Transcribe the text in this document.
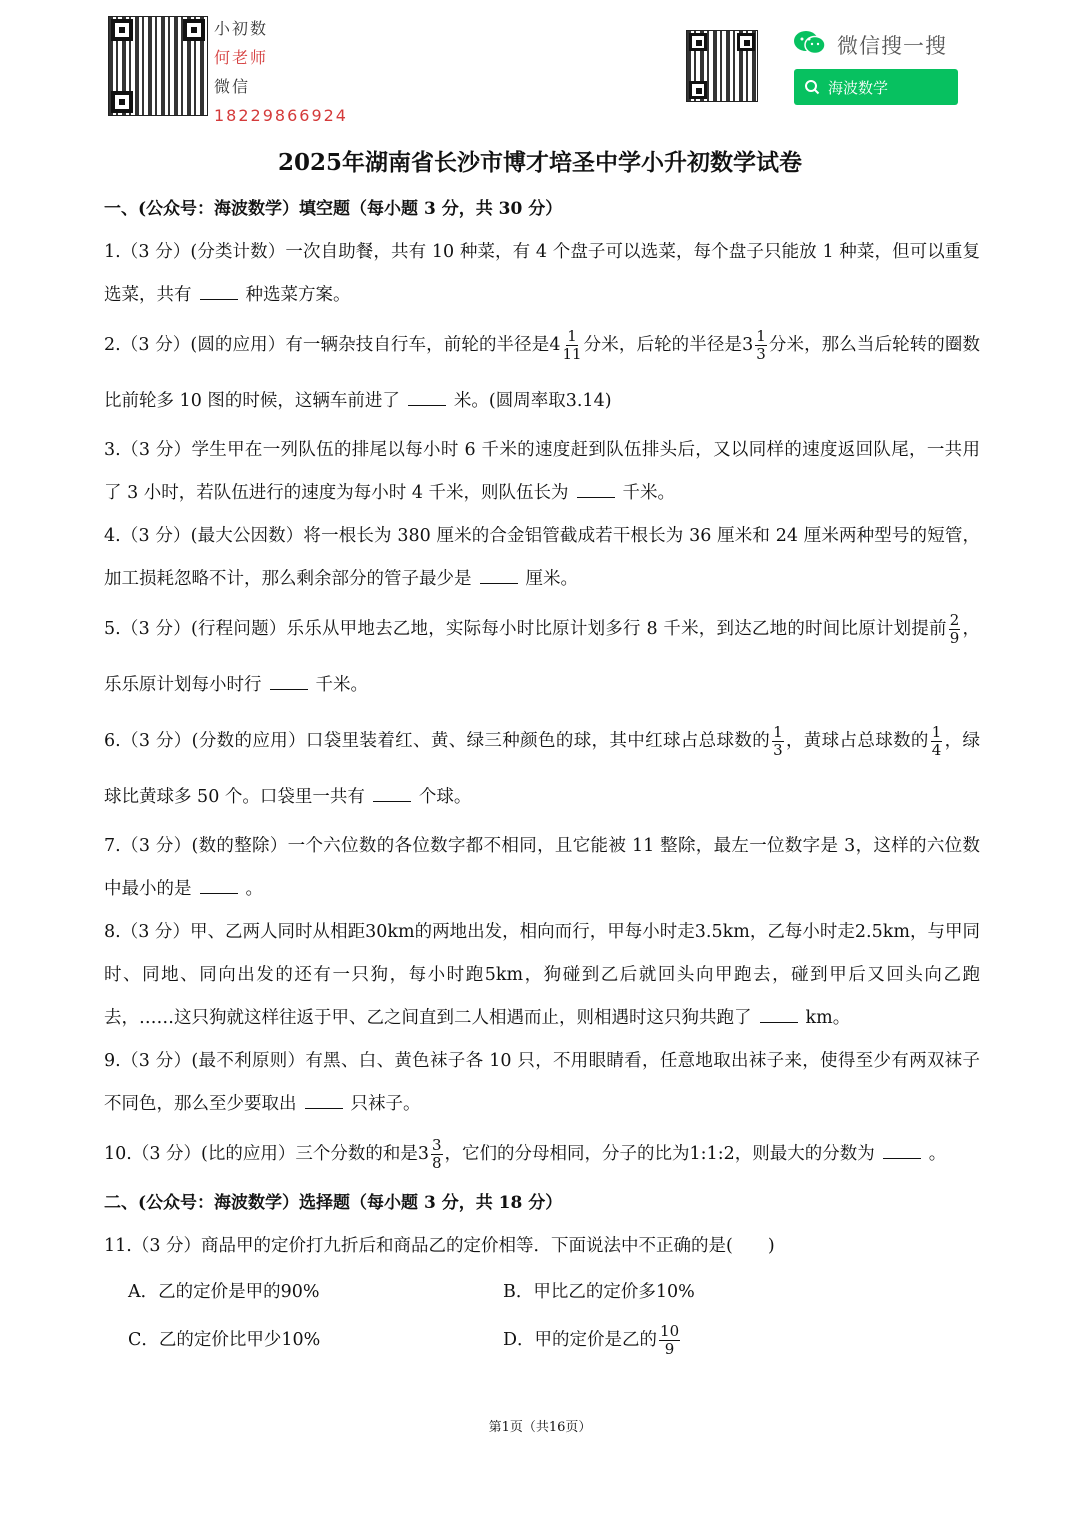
小初数
何老师
微信
18229866924
微信搜一搜
海波数学
2025年湖南省长沙市博才培圣中学小升初数学试卷
一、(公众号：海波数学）填空题（每小题 3 分，共 30 分）
1.（3 分）(分类计数）一次自助餐，共有 10 种菜，有 4 个盘子可以选菜，每个盘子只能放 1 种菜，但可以重复选菜，共有	种选菜方案。
2.（3 分）(圆的应用）有一辆杂技自行车，前轮的半径是$4 \frac{1}{11}$ 分米，后轮的半径是$3 \frac{1}{3}$ 分米，那么当后轮转的圈数比前轮多 10 图的时候，这辆车前进了	米。(圆周率取3.14)
3.（3 分）学生甲在一列队伍的排尾以每小时 6 千米的速度赶到队伍排头后，又以同样的速度返回队尾，一共用了 3 小时，若队伍进行的速度为每小时 4 千米，则队伍长为	千米。
4.（3 分）(最大公因数）将一根长为 380 厘米的合金铝管截成若干根长为 36 厘米和 24 厘米两种型号的短管，加工损耗忽略不计，那么剩余部分的管子最少是	厘米。
5.（3 分）(行程问题）乐乐从甲地去乙地，实际每小时比原计划多行 8 千米，到达乙地的时间比原计划提前 $\frac{2}{9}$ ，乐乐原计划每小时行	千米。
6.（3 分）(分数的应用）口袋里装着红、黄、绿三种颜色的球，其中红球占总球数的 $\frac{1}{3}$ ，黄球占总球数的 $\frac{1}{4}$ ，绿球比黄球多 50 个。口袋里一共有	个球。
7.（3 分）(数的整除）一个六位数的各位数字都不相同，且它能被 11 整除，最左一位数字是 3，这样的六位数中最小的是	。
8.（3 分）甲、乙两人同时从相距30km的两地出发，相向而行，甲每小时走3.5km，乙每小时走2.5km，与甲同时、同地、同向出发的还有一只狗，每小时跑5km，狗碰到乙后就回头向甲跑去，碰到甲后又回头向乙跑去，……这只狗就这样往返于甲、乙之间直到二人相遇而止，则相遇时这只狗共跑了	km。
9.（3 分）(最不利原则）有黑、白、黄色袜子各 10 只，不用眼睛看，任意地取出袜子来，使得至少有两双袜子不同色，那么至少要取出	只袜子。
10.（3 分）(比的应用）三个分数的和是$3 \frac{3}{8}$ ，它们的分母相同，分子的比为1:1:2，则最大的分数为	。
二、(公众号：海波数学）选择题（每小题 3 分，共 18 分）
11.（3 分）商品甲的定价打九折后和商品乙的定价相等．下面说法中不正确的是(　　)
A．乙的定价是甲的90%	B．甲比乙的定价多10%
C．乙的定价比甲少10%	D．甲的定价是乙的 $\frac{10}{9}$
第1页（共16页）
